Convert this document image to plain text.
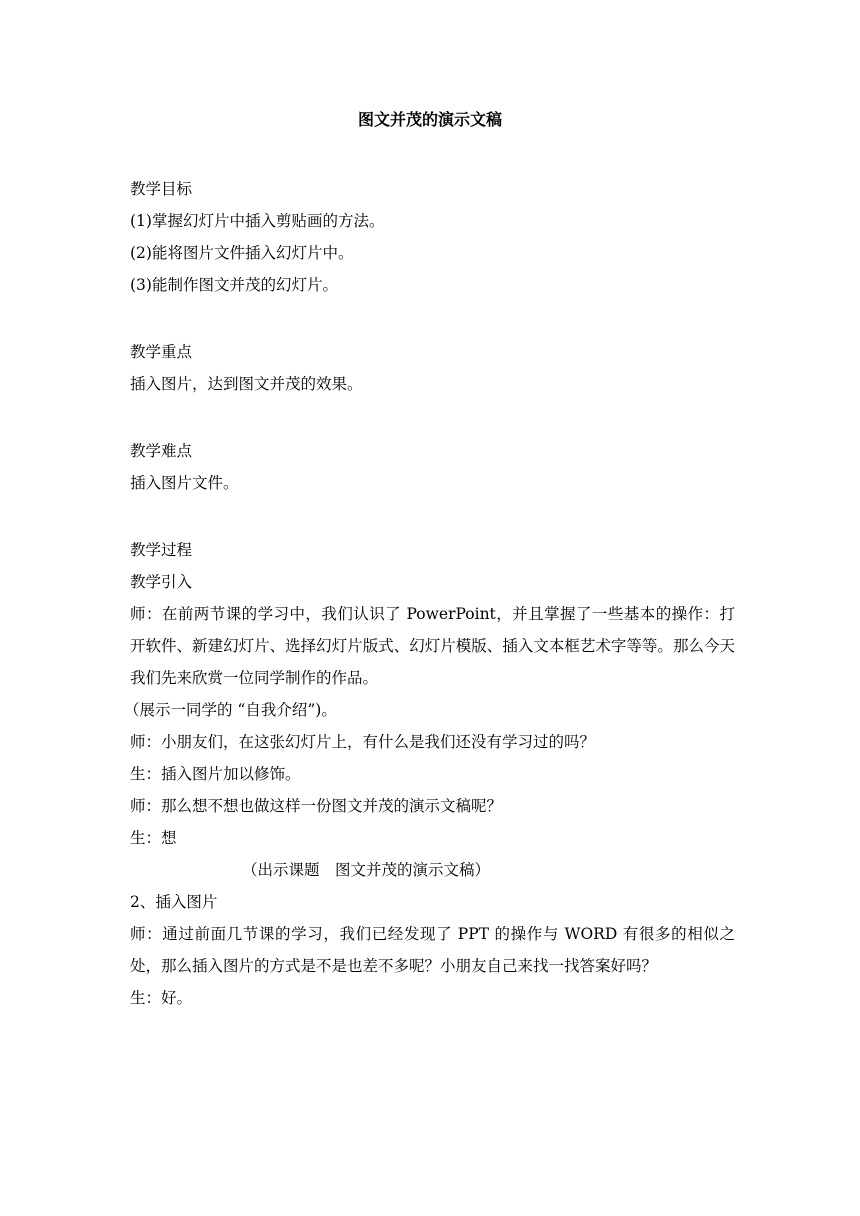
图文并茂的演示文稿
教学目标
(1)掌握幻灯片中插入剪贴画的方法。
(2)能将图片文件插入幻灯片中。
(3)能制作图文并茂的幻灯片。
教学重点
插入图片，达到图文并茂的效果。
教学难点
插入图片文件。
教学过程
教学引入
师：在前两节课的学习中，我们认识了 PowerPoint，并且掌握了一些基本的操作：打开软件、新建幻灯片、选择幻灯片版式、幻灯片模版、插入文本框艺术字等等。那么今天我们先来欣赏一位同学制作的作品。
（展示一同学的 “自我介绍”)。
师：小朋友们，在这张幻灯片上，有什么是我们还没有学习过的吗？
生：插入图片加以修饰。
师：那么想不想也做这样一份图文并茂的演示文稿呢？
生：想
（出示课题　图文并茂的演示文稿）
2、插入图片
师：通过前面几节课的学习，我们已经发现了 PPT 的操作与 WORD 有很多的相似之处，那么插入图片的方式是不是也差不多呢？小朋友自己来找一找答案好吗？
生：好。
